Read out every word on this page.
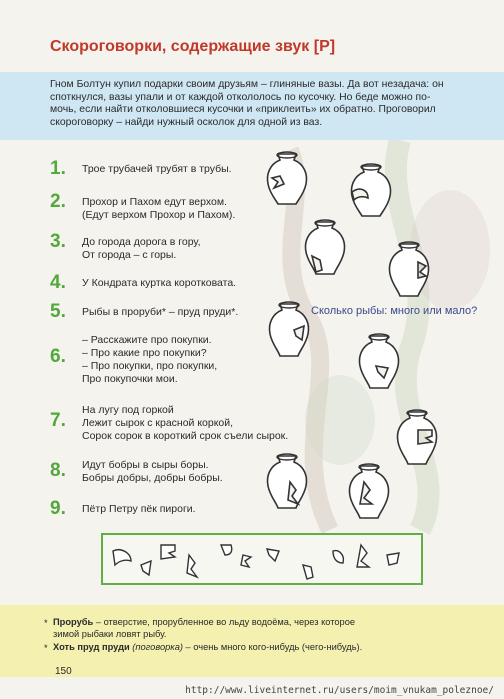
Скороговорки, содержащие звук [Р]

Гном Болтун купил подарки своим друзьям – глиняные вазы. Да вот незадача: он
споткнулся, вазы упали и от каждой откололось по кусочку. Но беде можно по-
мочь, если найти отколовшиеся кусочки и «приклеить» их обратно. Проговорил
скороговорку – найди нужный осколок для одной из ваз.

1. Трое трубачей трубят в трубы.
2. Прохор и Пахом едут верхом.
(Едут верхом Прохор и Пахом).
3. До города дорога в гору,
От города – с горы.
4. У Кондрата куртка коротковата.
5. Рыбы в проруби* – пруд пруди*.
6.
– Расскажите про покупки.
– Про какие про покупки?
– Про покупки, про покупки,
Про покупочки мои.
7. На лугу под горкой
Лежит сырок с красной коркой,
Сорок сорок в короткий срок съели сырок.
8. Идут бобры в сыры боры.
Бобры добры, добры бобры.
9. Пётр Петру пёк пироги.
Сколько рыбы: много или мало?
* Прорубь – отверстие, прорубленное во льду водоёма, через которое
зимой рыбаки ловят рыбу.

* Хоть пруд пруди (поговорка) – очень много кого-нибудь (чего-нибудь).

150
http://www.liveinternet.ru/users/moim_vnukam_poleznoe/
